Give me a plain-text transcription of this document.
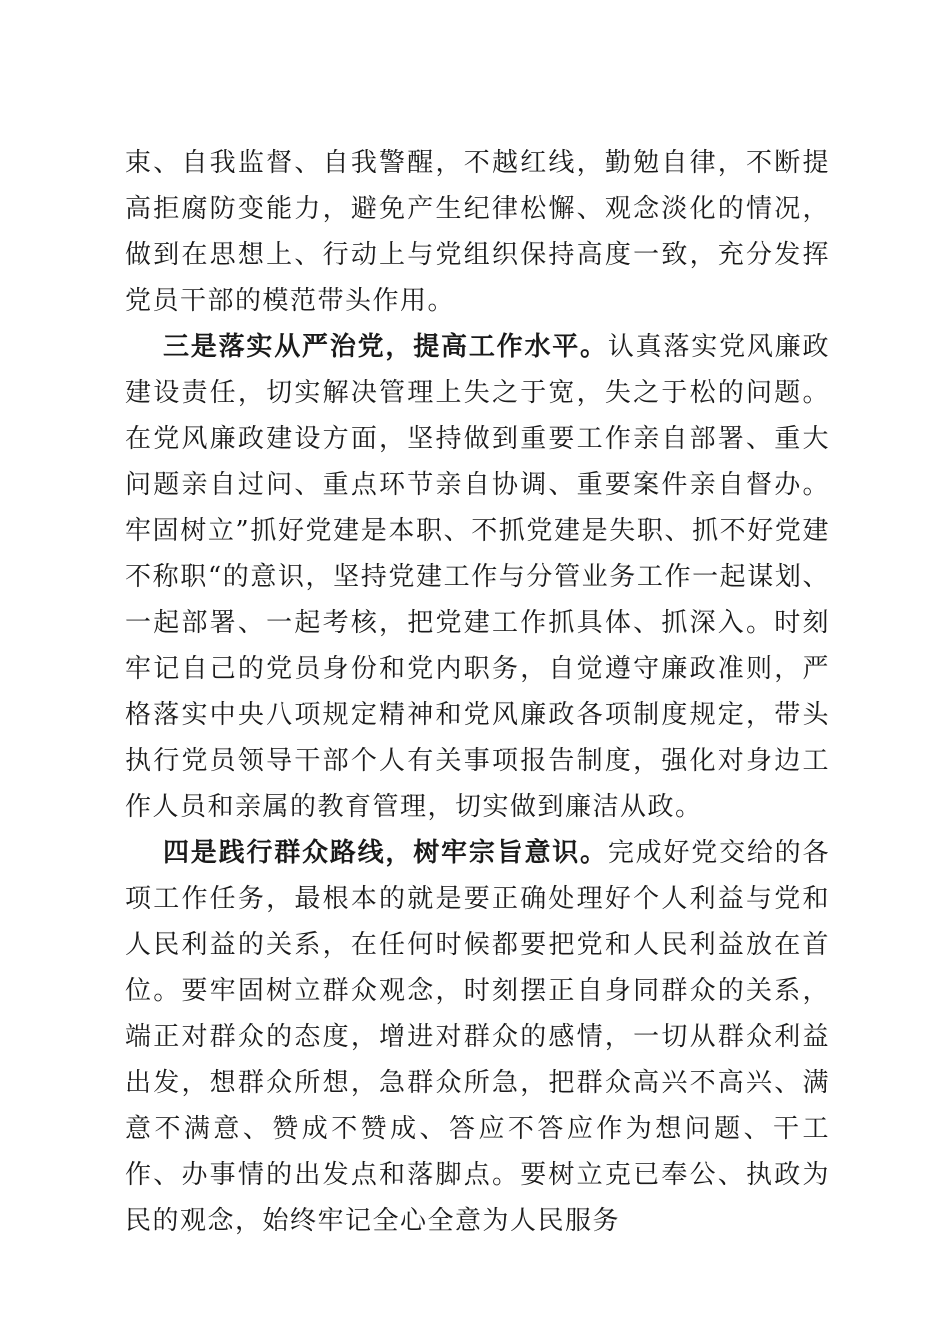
束、自我监督、自我警醒，不越红线，勤勉自律，不断提高拒腐防变能力，避免产生纪律松懈、观念淡化的情况，做到在思想上、行动上与党组织保持高度一致，充分发挥党员干部的模范带头作用。

三是落实从严治党，提高工作水平。认真落实党风廉政建设责任，切实解决管理上失之于宽，失之于松的问题。在党风廉政建设方面，坚持做到重要工作亲自部署、重大问题亲自过问、重点环节亲自协调、重要案件亲自督办。牢固树立”抓好党建是本职、不抓党建是失职、抓不好党建不称职“的意识，坚持党建工作与分管业务工作一起谋划、一起部署、一起考核，把党建工作抓具体、抓深入。时刻牢记自己的党员身份和党内职务，自觉遵守廉政准则，严格落实中央八项规定精神和党风廉政各项制度规定，带头执行党员领导干部个人有关事项报告制度，强化对身边工作人员和亲属的教育管理，切实做到廉洁从政。

四是践行群众路线，树牢宗旨意识。完成好党交给的各项工作任务，最根本的就是要正确处理好个人利益与党和人民利益的关系，在任何时候都要把党和人民利益放在首位。要牢固树立群众观念，时刻摆正自身同群众的关系，端正对群众的态度，增进对群众的感情，一切从群众利益出发，想群众所想，急群众所急，把群众高兴不高兴、满意不满意、赞成不赞成、答应不答应作为想问题、干工作、办事情的出发点和落脚点。要树立克已奉公、执政为民的观念，始终牢记全心全意为人民服务
